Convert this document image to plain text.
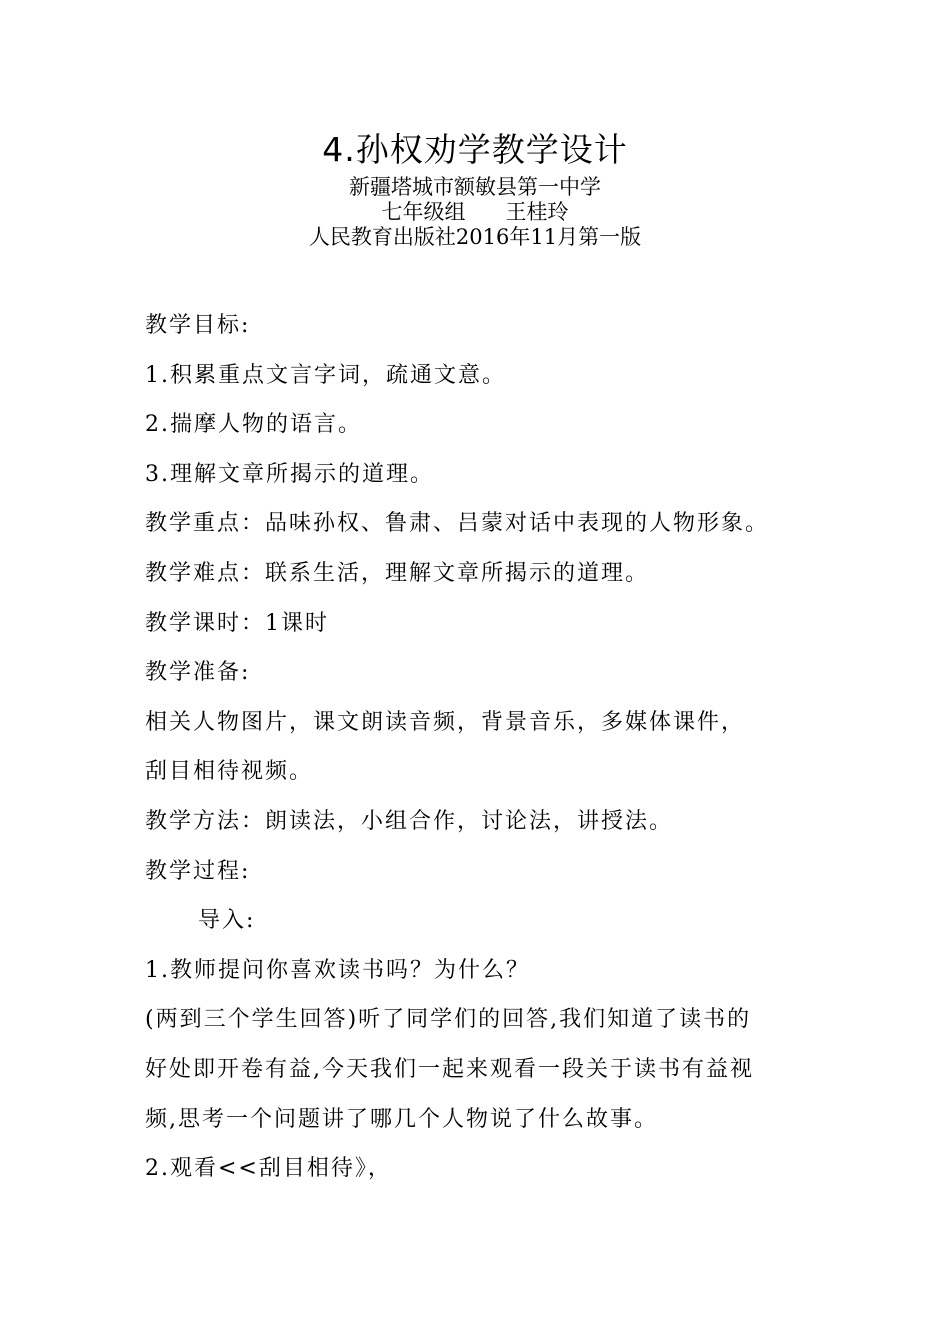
4.孙权劝学教学设计
新疆塔城市额敏县第一中学
七年级组 王桂玲
人民教育出版社2016年11月第一版
教学目标:
1.积累重点文言字词，疏通文意。
2.揣摩人物的语言。
3.理解文章所揭示的道理。
教学重点：品味孙权、鲁肃、吕蒙对话中表现的人物形象。
教学难点：联系生活，理解文章所揭示的道理。
教学课时：1课时
教学准备:
相关人物图片，课文朗读音频，背景音乐，多媒体课件，
刮目相待视频。
教学方法：朗读法，小组合作，讨论法，讲授法。
教学过程:
导入:
1.教师提问你喜欢读书吗？为什么？
(两到三个学生回答)听了同学们的回答,我们知道了读书的
好处即开卷有益,今天我们一起来观看一段关于读书有益视
频,思考一个问题讲了哪几个人物说了什么故事。
2.观看<<刮目相待》，
